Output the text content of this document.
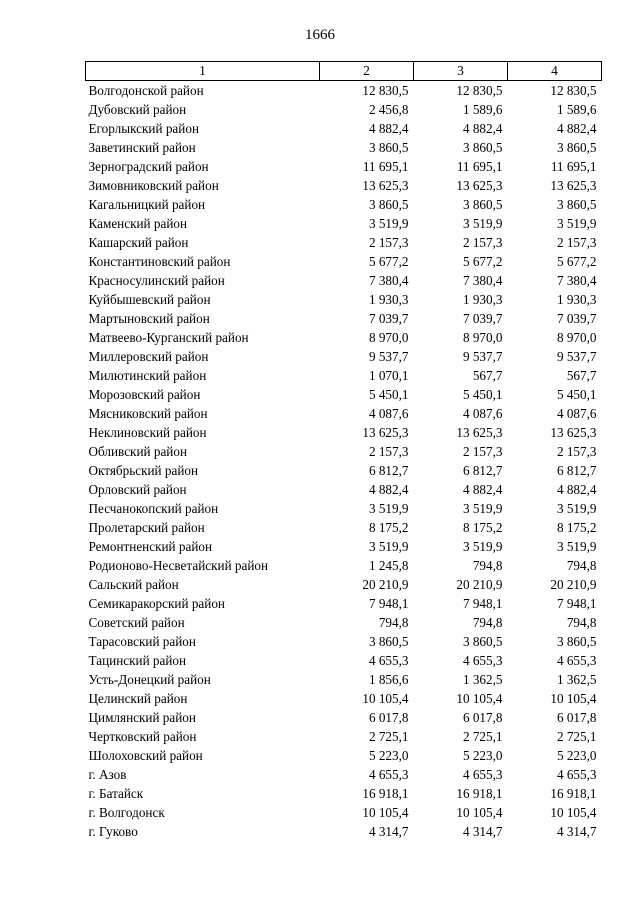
1666
1	2	3	4
Волгодонской район	12 830,5	12 830,5	12 830,5
Дубовский район	2 456,8	1 589,6	1 589,6
Егорлыкский район	4 882,4	4 882,4	4 882,4
Заветинский район	3 860,5	3 860,5	3 860,5
Зерноградский район	11 695,1	11 695,1	11 695,1
Зимовниковский район	13 625,3	13 625,3	13 625,3
Кагальницкий район	3 860,5	3 860,5	3 860,5
Каменский район	3 519,9	3 519,9	3 519,9
Кашарский район	2 157,3	2 157,3	2 157,3
Константиновский район	5 677,2	5 677,2	5 677,2
Красносулинский район	7 380,4	7 380,4	7 380,4
Куйбышевский район	1 930,3	1 930,3	1 930,3
Мартыновский район	7 039,7	7 039,7	7 039,7
Матвеево-Курганский район	8 970,0	8 970,0	8 970,0
Миллеровский район	9 537,7	9 537,7	9 537,7
Милютинский район	1 070,1	567,7	567,7
Морозовский район	5 450,1	5 450,1	5 450,1
Мясниковский район	4 087,6	4 087,6	4 087,6
Неклиновский район	13 625,3	13 625,3	13 625,3
Обливский район	2 157,3	2 157,3	2 157,3
Октябрьский район	6 812,7	6 812,7	6 812,7
Орловский район	4 882,4	4 882,4	4 882,4
Песчанокопский район	3 519,9	3 519,9	3 519,9
Пролетарский район	8 175,2	8 175,2	8 175,2
Ремонтненский район	3 519,9	3 519,9	3 519,9
Родионово-Несветайский район	1 245,8	794,8	794,8
Сальский район	20 210,9	20 210,9	20 210,9
Семикаракорский район	7 948,1	7 948,1	7 948,1
Советский район	794,8	794,8	794,8
Тарасовский район	3 860,5	3 860,5	3 860,5
Тацинский район	4 655,3	4 655,3	4 655,3
Усть-Донецкий район	1 856,6	1 362,5	1 362,5
Целинский район	10 105,4	10 105,4	10 105,4
Цимлянский район	6 017,8	6 017,8	6 017,8
Чертковский район	2 725,1	2 725,1	2 725,1
Шолоховский район	5 223,0	5 223,0	5 223,0
г. Азов	4 655,3	4 655,3	4 655,3
г. Батайск	16 918,1	16 918,1	16 918,1
г. Волгодонск	10 105,4	10 105,4	10 105,4
г. Гуково	4 314,7	4 314,7	4 314,7
